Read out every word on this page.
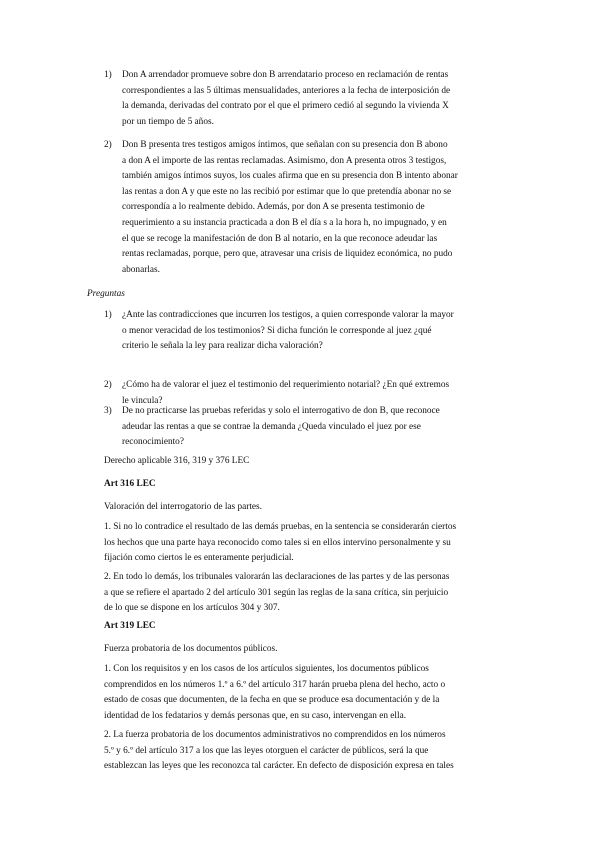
1) Don A arrendador promueve sobre don B arrendatario proceso en reclamación de rentas
correspondientes a las 5 últimas mensualidades, anteriores a la fecha de interposición de
la demanda, derivadas del contrato por el que el primero cedió al segundo la vivienda X
por un tiempo de 5 años.
2) Don B presenta tres testigos amigos íntimos, que señalan con su presencia don B abono
a don A el importe de las rentas reclamadas. Asimismo, don A presenta otros 3 testigos,
también amigos íntimos suyos, los cuales afirma que en su presencia don B intento abonar
las rentas a don A y que este no las recibió por estimar que lo que pretendía abonar no se
correspondía a lo realmente debido. Además, por don A se presenta testimonio de
requerimiento a su instancia practicada a don B el día s a la hora h, no impugnado, y en
el que se recoge la manifestación de don B al notario, en la que reconoce adeudar las
rentas reclamadas, porque, pero que, atravesar una crisis de liquidez económica, no pudo
abonarlas.
Preguntas
1) ¿Ante las contradicciones que incurren los testigos, a quien corresponde valorar la mayor
o menor veracidad de los testimonios? Si dicha función le corresponde al juez ¿qué
criterio le señala la ley para realizar dicha valoración?
2) ¿Cómo ha de valorar el juez el testimonio del requerimiento notarial? ¿En qué extremos
le vincula?
3) De no practicarse las pruebas referidas y solo el interrogativo de don B, que reconoce
adeudar las rentas a que se contrae la demanda ¿Queda vinculado el juez por ese
reconocimiento?
Derecho aplicable 316, 319 y 376 LEC
Art 316 LEC
Valoración del interrogatorio de las partes.
1. Si no lo contradice el resultado de las demás pruebas, en la sentencia se considerarán ciertos
los hechos que una parte haya reconocido como tales si en ellos intervino personalmente y su
fijación como ciertos le es enteramente perjudicial.
2. En todo lo demás, los tribunales valorarán las declaraciones de las partes y de las personas
a que se refiere el apartado 2 del artículo 301 según las reglas de la sana crítica, sin perjuicio
de lo que se dispone en los artículos 304 y 307.
Art 319 LEC
Fuerza probatoria de los documentos públicos.
1. Con los requisitos y en los casos de los artículos siguientes, los documentos públicos
comprendidos en los números 1.º a 6.º del artículo 317 harán prueba plena del hecho, acto o
estado de cosas que documenten, de la fecha en que se produce esa documentación y de la
identidad de los fedatarios y demás personas que, en su caso, intervengan en ella.
2. La fuerza probatoria de los documentos administrativos no comprendidos en los números
5.º y 6.º del artículo 317 a los que las leyes otorguen el carácter de públicos, será la que
establezcan las leyes que les reconozca tal carácter. En defecto de disposición expresa en tales
